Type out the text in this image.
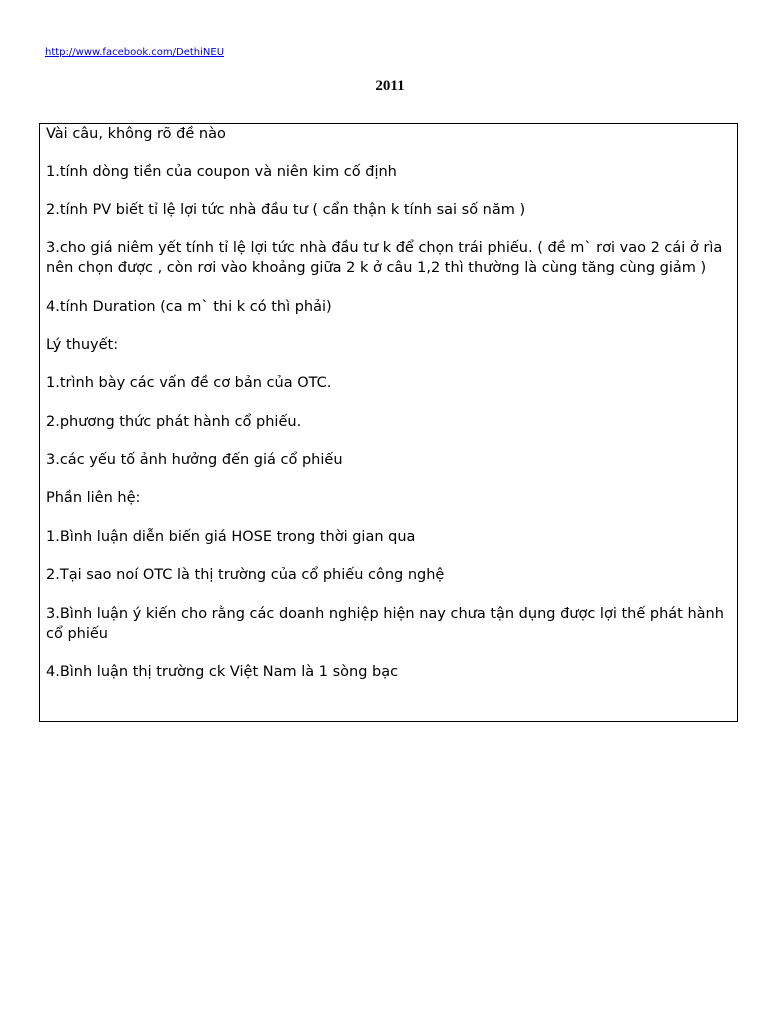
http://www.facebook.com/DethiNEU
2011
Vài câu, không rõ đề nào
1.tính dòng tiền của coupon và niên kim cố định
2.tính PV biết tỉ lệ lợi tức nhà đầu tư ( cẩn thận k tính sai số năm )
3.cho giá niêm yết tính tỉ lệ lợi tức nhà đầu tư k để chọn trái phiếu. ( đề m` rơi vao 2 cái ở rìa nên chọn được , còn rơi vào khoảng giữa 2 k ở câu 1,2 thì thường là cùng tăng cùng giảm )
4.tính Duration (ca m` thi k có thì phải)
Lý thuyết:
1.trình bày các vấn đề cơ bản của OTC.
2.phương thức phát hành cổ phiếu.
3.các yếu tố ảnh hưởng đến giá cổ phiếu
Phần liên hệ:
1.Bình luận diễn biến giá HOSE trong thời gian qua
2.Tại sao noí OTC là thị trường của cổ phiếu công nghệ
3.Bình luận ý kiến cho rằng các doanh nghiệp hiện nay chưa tận dụng được lợi thế phát hành cổ phiếu
4.Bình luận thị trường ck Việt Nam là 1 sòng bạc
